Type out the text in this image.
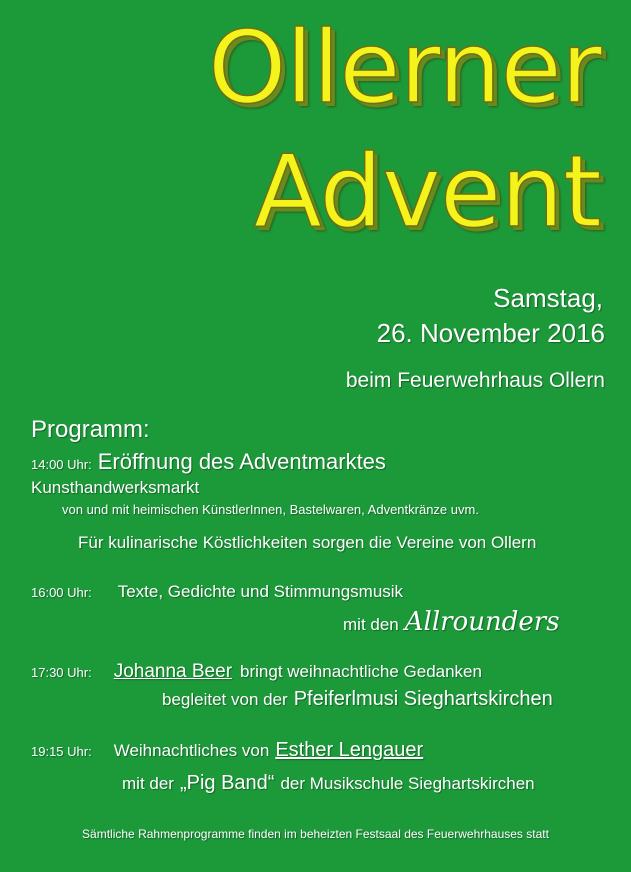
Ollerner
Advent
Samstag,
26. November 2016
beim Feuerwehrhaus Ollern
Programm:
14:00 Uhr: Eröffnung des Adventmarktes
Kunsthandwerksmarkt
von und mit heimischen KünstlerInnen, Bastelwaren, Adventkränze uvm.
Für kulinarische Köstlichkeiten sorgen die Vereine von Ollern
16:00 Uhr: Texte, Gedichte und Stimmungsmusik
mit den Allrounders
17:30 Uhr: Johanna Beer bringt weihnachtliche Gedanken
begleitet von der Pfeiferlmusi Sieghartskirchen
19:15 Uhr: Weihnachtliches von Esther Lengauer
mit der „Pig Band“ der Musikschule Sieghartskirchen
Sämtliche Rahmenprogramme finden im beheizten Festsaal des Feuerwehrhauses statt
